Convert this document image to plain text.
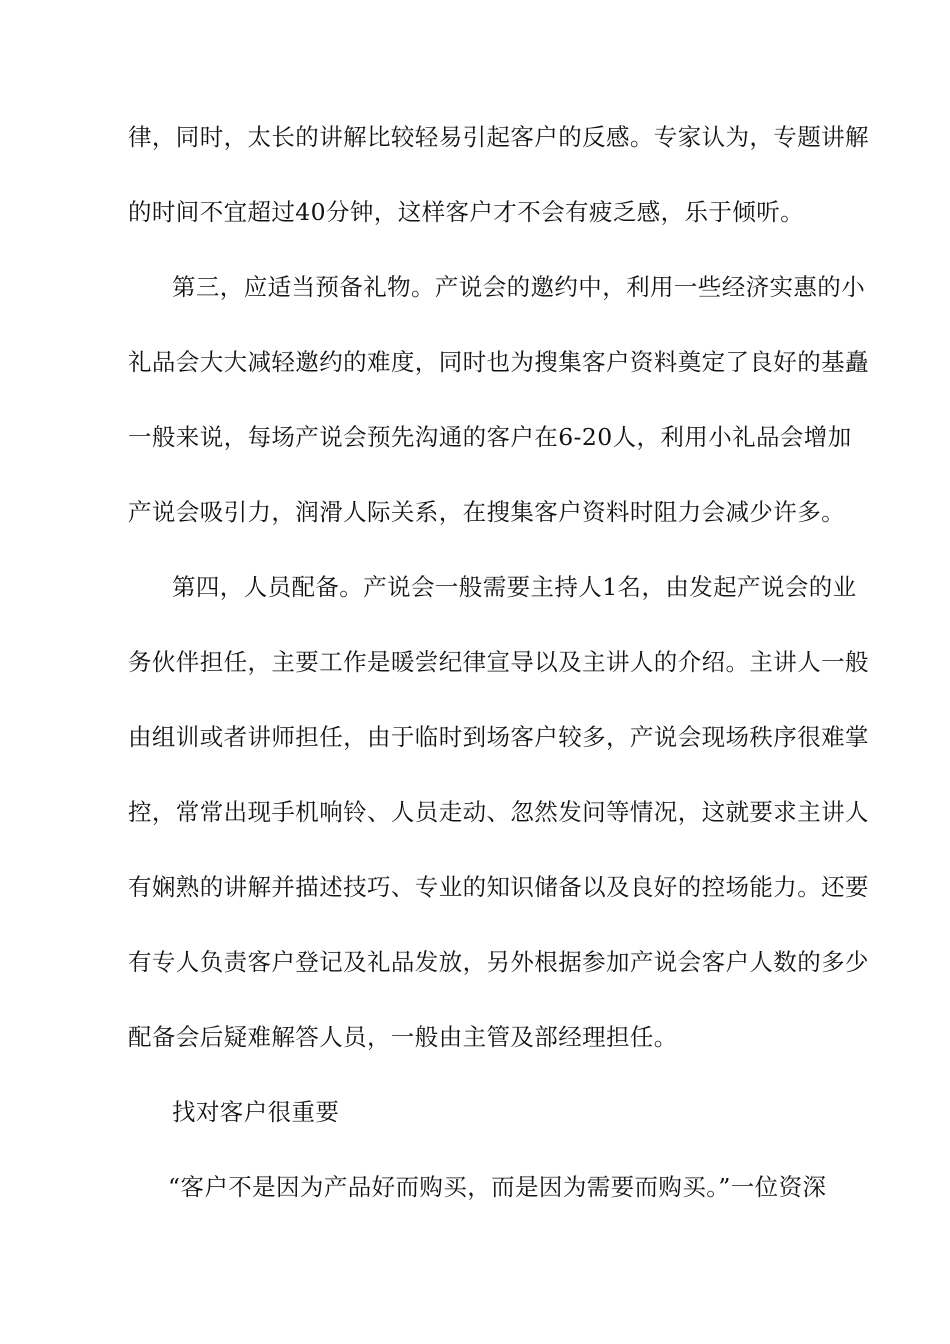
律，同时，太长的讲解比较轻易引起客户的反感。专家认为，专题讲解
的时间不宜超过40分钟，这样客户才不会有疲乏感，乐于倾听。
第三，应适当预备礼物。产说会的邀约中，利用一些经济实惠的小
礼品会大大减轻邀约的难度，同时也为搜集客户资料奠定了良好的基矗
一般来说，每场产说会预先沟通的客户在6-20人，利用小礼品会增加
产说会吸引力，润滑人际关系，在搜集客户资料时阻力会减少许多。
第四，人员配备。产说会一般需要主持人1名，由发起产说会的业
务伙伴担任，主要工作是暖尝纪律宣导以及主讲人的介绍。主讲人一般
由组训或者讲师担任，由于临时到场客户较多，产说会现场秩序很难掌
控，常常出现手机响铃、人员走动、忽然发问等情况，这就要求主讲人
有娴熟的讲解并描述技巧、专业的知识储备以及良好的控场能力。还要
有专人负责客户登记及礼品发放，另外根据参加产说会客户人数的多少
配备会后疑难解答人员，一般由主管及部经理担任。
找对客户很重要
“客户不是因为产品好而购买，而是因为需要而购买。”一位资深
